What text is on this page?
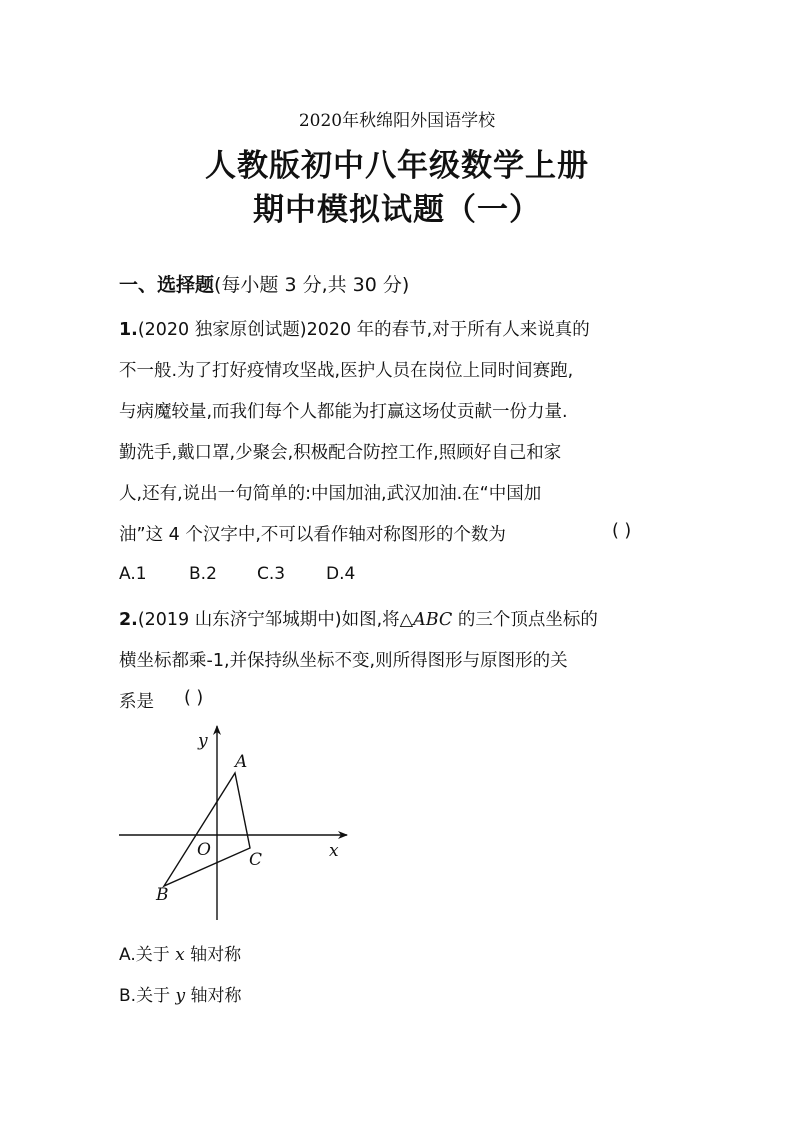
2020年秋绵阳外国语学校
人教版初中八年级数学上册
期中模拟试题（一）
一、选择题(每小题 3 分,共 30 分)
1.(2020 独家原创试题)2020 年的春节,对于所有人来说真的
不一般.为了打好疫情攻坚战,医护人员在岗位上同时间赛跑,
与病魔较量,而我们每个人都能为打赢这场仗贡献一份力量.
勤洗手,戴口罩,少聚会,积极配合防控工作,照顾好自己和家
人,还有,说出一句简单的:中国加油,武汉加油.在“中国加
油”这 4 个汉字中,不可以看作轴对称图形的个数为	( )
A.1 B.2 C.3 D.4
2.(2019 山东济宁邹城期中)如图,将△ABC 的三个顶点坐标的
横坐标都乘-1,并保持纵坐标不变,则所得图形与原图形的关
系是 ( )
y
x
O
A
B
C
A.关于 x 轴对称
B.关于 y 轴对称
